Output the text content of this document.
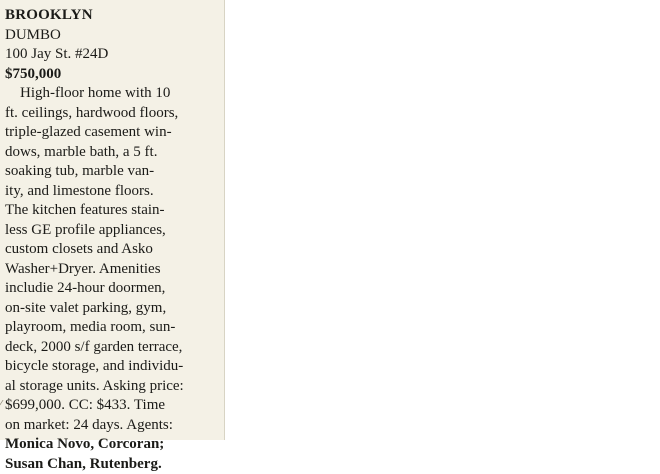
BROOKLYN
DUMBO
100 Jay St. #24D
$750,000
High-floor home with 10
ft. ceilings, hardwood floors,
triple-glazed casement win-
dows, marble bath, a 5 ft.
soaking tub, marble van-
ity, and limestone floors.
The kitchen features stain-
less GE profile appliances,
custom closets and Asko
Washer+Dryer. Amenities
includie 24-hour doormen,
on-site valet parking, gym,
playroom, media room, sun-
deck, 2000 s/f garden terrace,
bicycle storage, and individu-
al storage units. Asking price:
$699,000. CC: $433. Time
on market: 24 days. Agents:
Monica Novo, Corcoran;
Susan Chan, Rutenberg.
⁄
